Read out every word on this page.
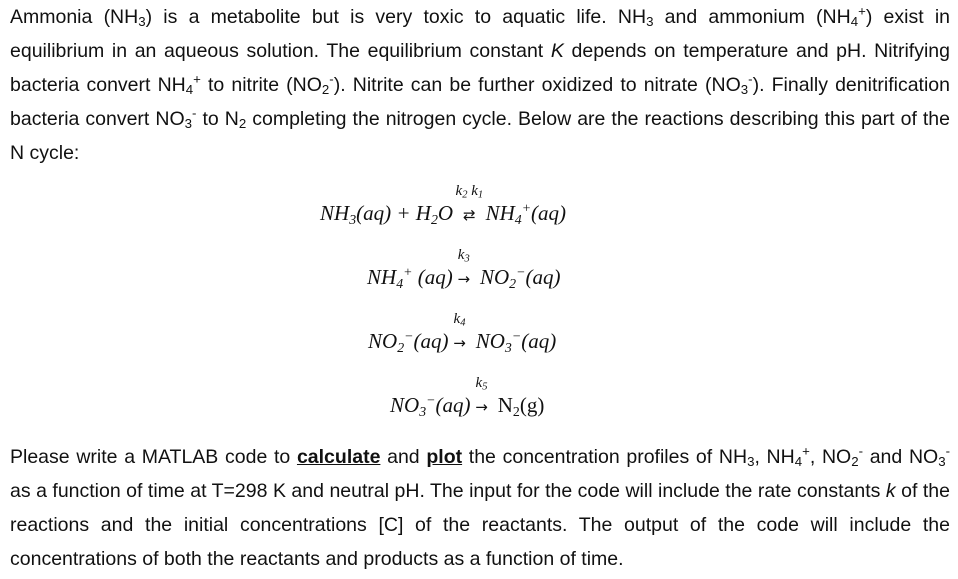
Ammonia $(NH_3)$ is a metabolite but is very toxic to aquatic life. $NH_3$ and ammonium $(NH_4^+)$ exist in equilibrium in an aqueous solution. The equilibrium constant K depends on temperature and pH. Nitrifying bacteria convert $NH_4^+$ to nitrite $(NO_2^-)$. Nitrite can be further oxidized to nitrate $(NO_3^-)$. Finally denitrification bacteria convert $NO_3^-$ to $N_2$ completing the nitrogen cycle. Below are the reactions describing this part of the N cycle:

$NH_3(aq) + H_2O$
$k_2$ $k_1$
⇄ $NH_4^+(aq)$
$NH_4^+$ (aq)
$k_3$
→ $NO_2^-(aq)$
$NO_2^-(aq)$
$k_4$
→ $NO_3^-(aq)$
$NO_3^-(aq)$
$k_5$
→ $N_2(g)$

Please write a MATLAB code to calculate and plot the concentration profiles of $NH_3$, $NH_4^+$, $NO_2^-$ and $NO_3^-$ as a function of time at T=298 K and neutral pH. The input for the code will include the rate constants k of the reactions and the initial concentrations [C] of the reactants. The output of the code will include the concentrations of both the reactants and products as a function of time.
